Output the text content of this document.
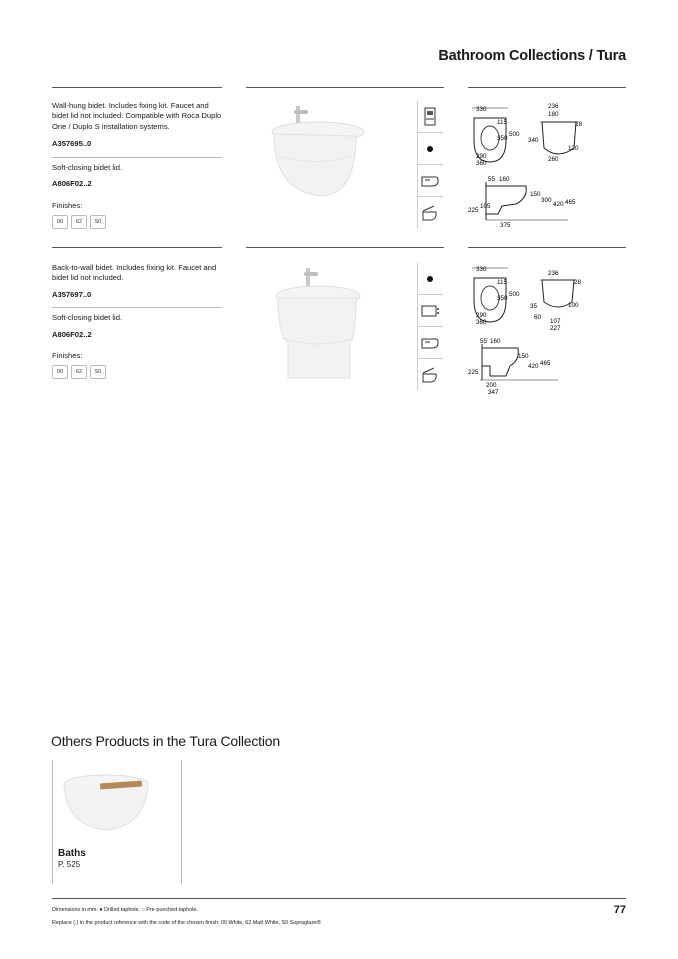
Bathroom Collections / Tura
Wall-hung bidet. Includes fixing kit. Faucet and bidet lid not included. Compatible with Roca Duplo One / Duplo S installation systems.
A357695..0
Soft-closing bidet lid.
A806F02..2
Finishes:
00	62	S0
330
115
350
500
290
360
236
180
28
340
120
260
55 160
150
300
420 465
225
105
375
Back-to-wall bidet. Includes fixing kit. Faucet and bidet lid not included.
A357697..0
Soft-closing bidet lid.
A806F02..2
Finishes:
00	62	S0
330
115
350
500
290
360
236
28
35	100
60
107
227
55 160
150
420 465
225
200
347
Others Products in the Tura Collection
Baths
P. 525
Dimensions in mm. ● Drilled taphole. ○ Pre-punched taphole.
Replace (.) in the product reference with the code of the chosen finish: 00 White, 62 Matt White, S0 Supraglaze®
77
